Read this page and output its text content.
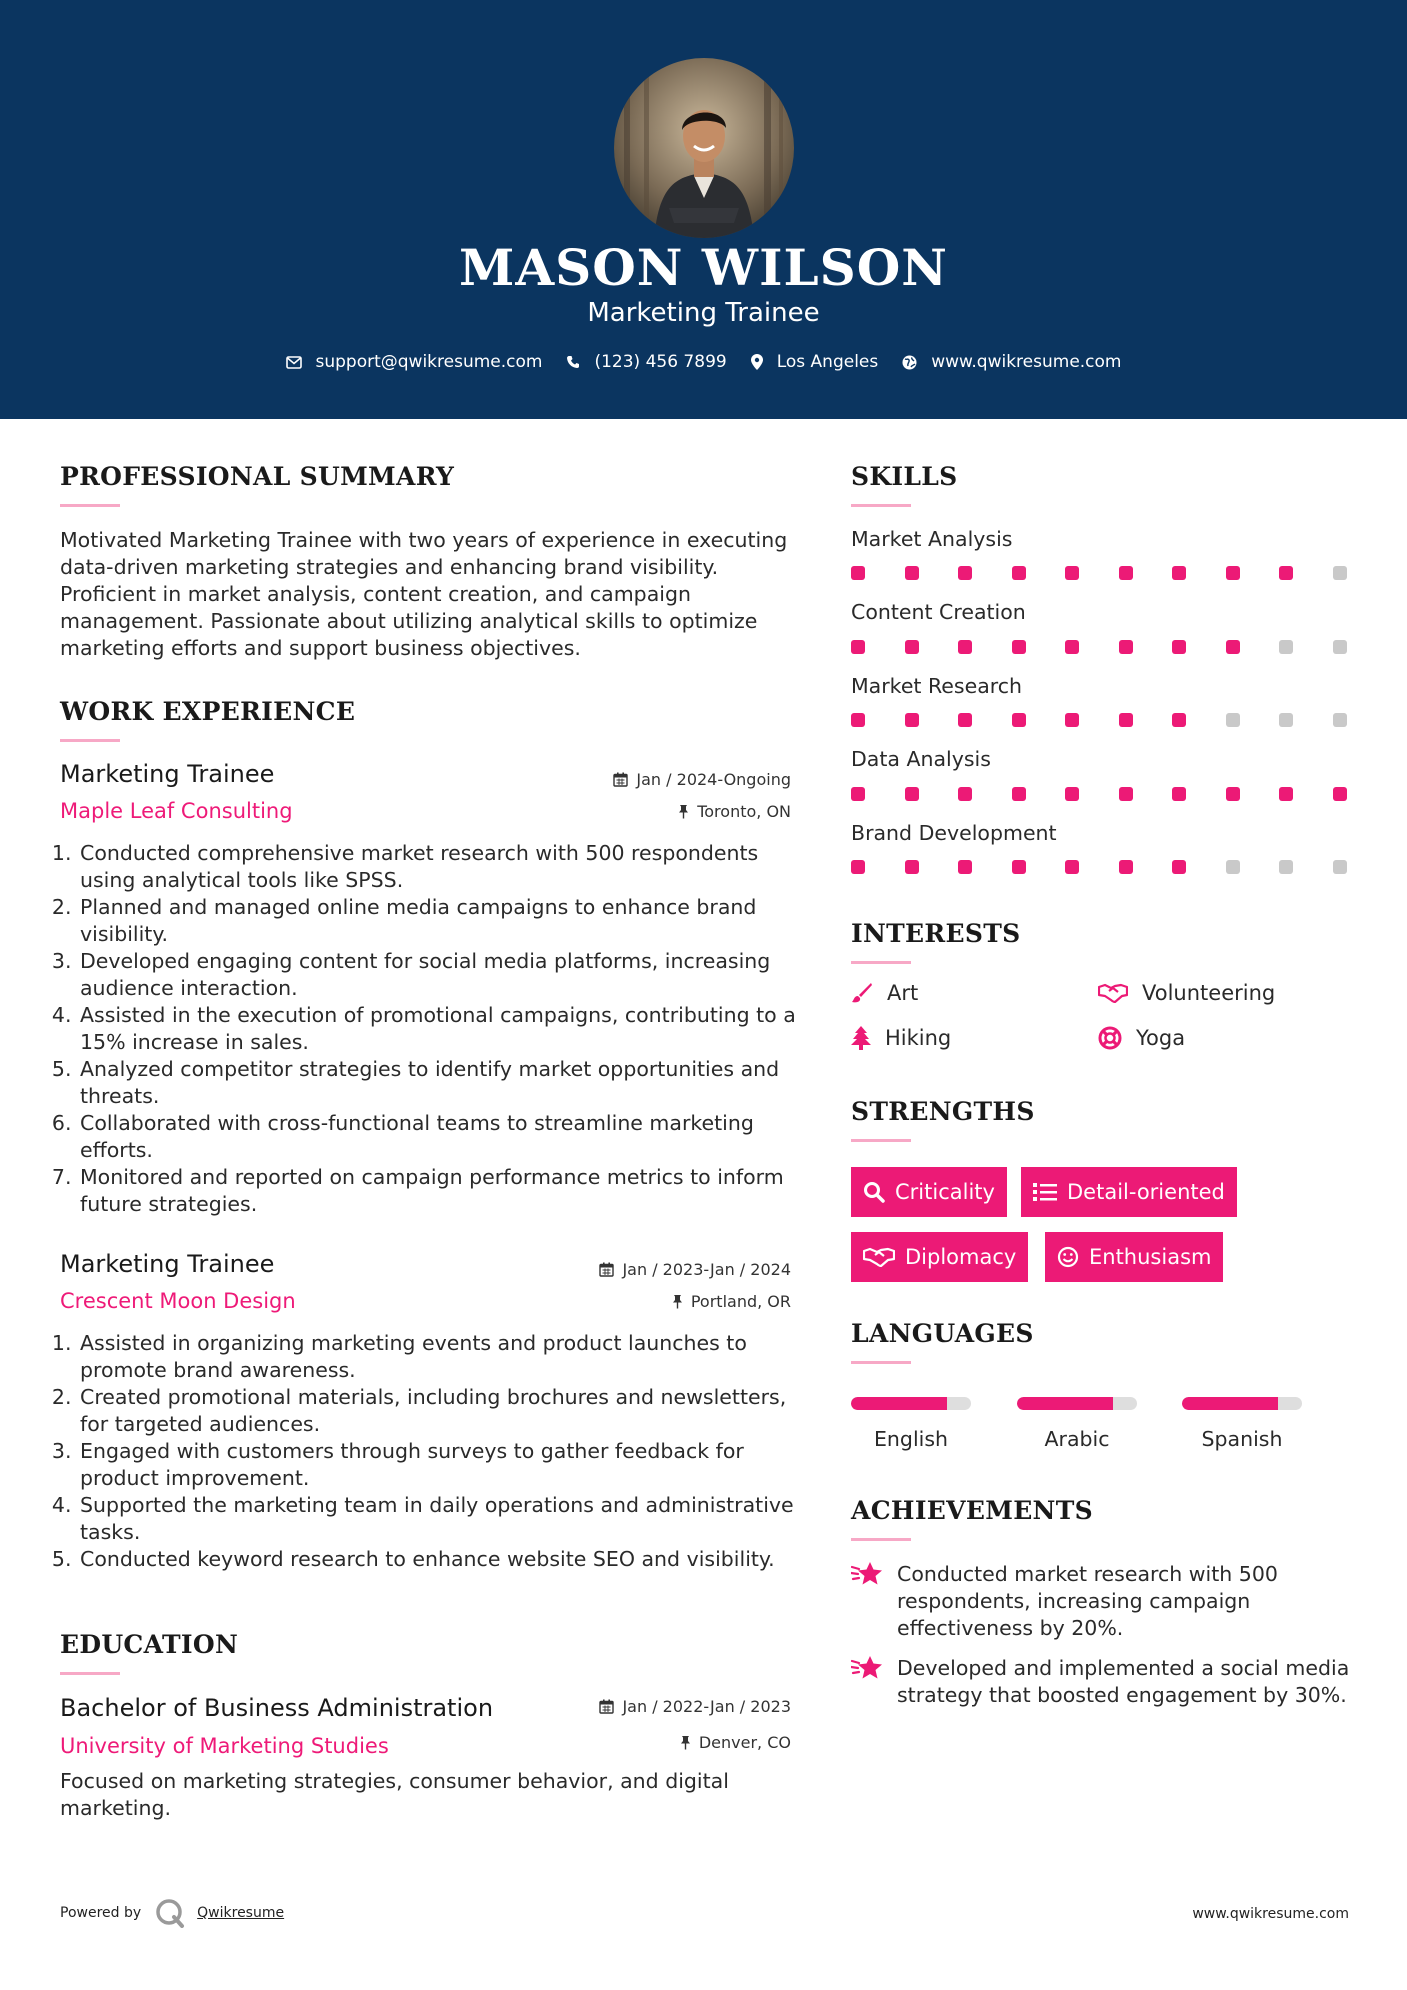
MASON WILSON
Marketing Trainee
support@qwikresume.com	(123) 456 7899	Los Angeles	www.qwikresume.com
PROFESSIONAL SUMMARY
Motivated Marketing Trainee with two years of experience in executing data-driven marketing strategies and enhancing brand visibility. Proficient in market analysis, content creation, and campaign management. Passionate about utilizing analytical skills to optimize marketing efforts and support business objectives.
WORK EXPERIENCE
Marketing Trainee
Maple Leaf Consulting
Jan / 2024-Ongoing
Toronto, ON
1. Conducted comprehensive market research with 500 respondents using analytical tools like SPSS.
2. Planned and managed online media campaigns to enhance brand visibility.
3. Developed engaging content for social media platforms, increasing audience interaction.
4. Assisted in the execution of promotional campaigns, contributing to a 15% increase in sales.
5. Analyzed competitor strategies to identify market opportunities and threats.
6. Collaborated with cross-functional teams to streamline marketing efforts.
7. Monitored and reported on campaign performance metrics to inform future strategies.
Marketing Trainee
Crescent Moon Design
Jan / 2023-Jan / 2024
Portland, OR
1. Assisted in organizing marketing events and product launches to promote brand awareness.
2. Created promotional materials, including brochures and newsletters, for targeted audiences.
3. Engaged with customers through surveys to gather feedback for product improvement.
4. Supported the marketing team in daily operations and administrative tasks.
5. Conducted keyword research to enhance website SEO and visibility.
EDUCATION
Bachelor of Business Administration
University of Marketing Studies
Jan / 2022-Jan / 2023
Denver, CO
Focused on marketing strategies, consumer behavior, and digital marketing.
SKILLS
Market Analysis
Content Creation
Market Research
Data Analysis
Brand Development
INTERESTS
Art	Volunteering
Hiking	Yoga
STRENGTHS
Criticality	Detail-oriented
Diplomacy	Enthusiasm
LANGUAGES
English	Arabic	Spanish
ACHIEVEMENTS
Conducted market research with 500 respondents, increasing campaign effectiveness by 20%.
Developed and implemented a social media strategy that boosted engagement by 30%.
Powered by	Qwikresume	www.qwikresume.com
